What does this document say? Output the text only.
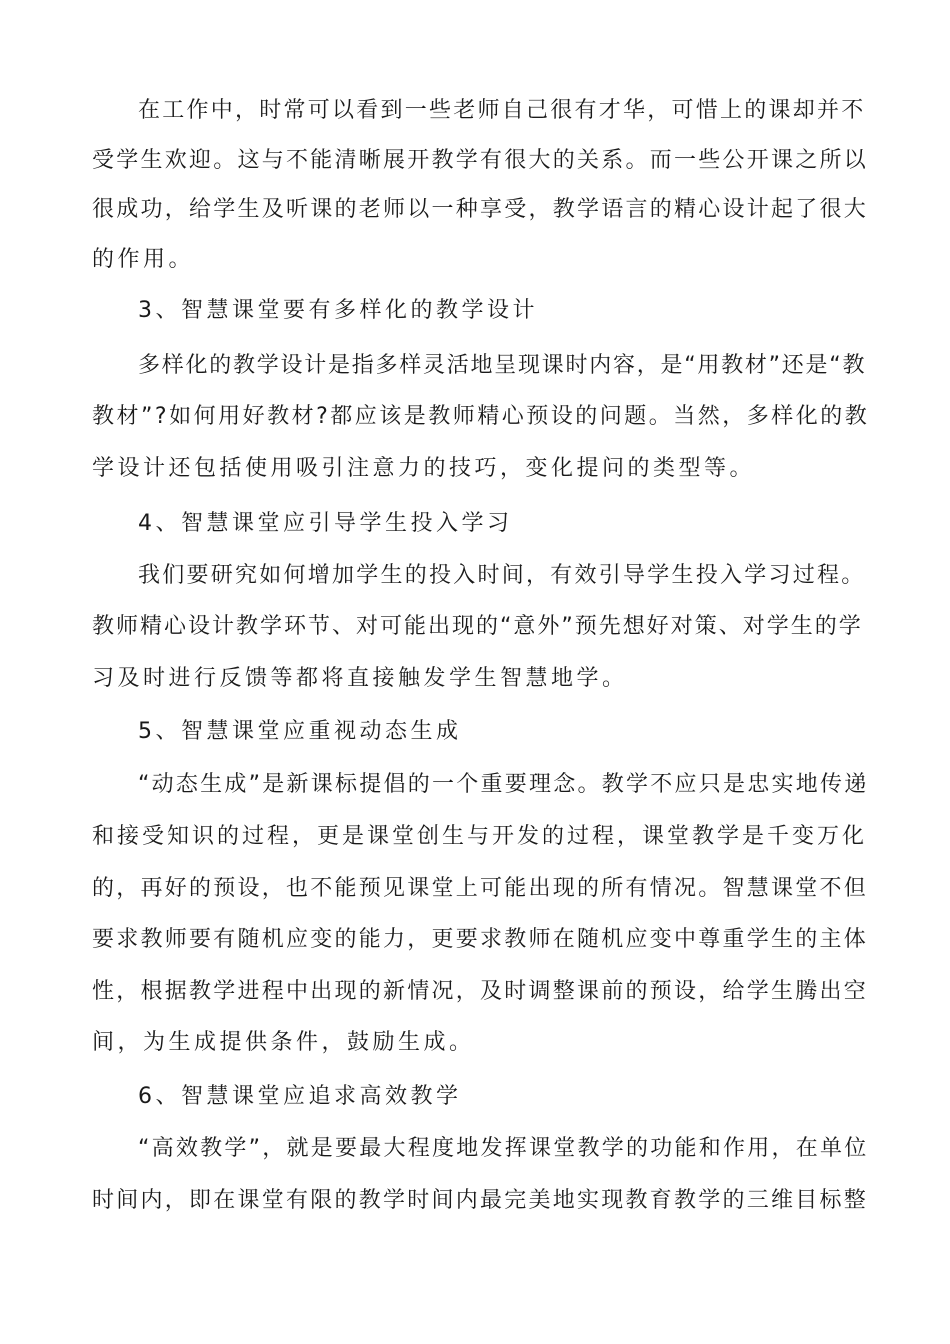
在工作中，时常可以看到一些老师自己很有才华，可惜上的课却并不
受学生欢迎。这与不能清晰展开教学有很大的关系。而一些公开课之所以
很成功，给学生及听课的老师以一种享受，教学语言的精心设计起了很大
的作用。
3、智慧课堂要有多样化的教学设计
多样化的教学设计是指多样灵活地呈现课时内容，是“用教材”还是“教
教材”?如何用好教材?都应该是教师精心预设的问题。当然，多样化的教
学设计还包括使用吸引注意力的技巧，变化提问的类型等。
4、智慧课堂应引导学生投入学习
我们要研究如何增加学生的投入时间，有效引导学生投入学习过程。
教师精心设计教学环节、对可能出现的“意外”预先想好对策、对学生的学
习及时进行反馈等都将直接触发学生智慧地学。
5、智慧课堂应重视动态生成
“动态生成”是新课标提倡的一个重要理念。教学不应只是忠实地传递
和接受知识的过程，更是课堂创生与开发的过程，课堂教学是千变万化
的，再好的预设，也不能预见课堂上可能出现的所有情况。智慧课堂不但
要求教师要有随机应变的能力，更要求教师在随机应变中尊重学生的主体
性，根据教学进程中出现的新情况，及时调整课前的预设，给学生腾出空
间，为生成提供条件，鼓励生成。
6、智慧课堂应追求高效教学
“高效教学”，就是要最大程度地发挥课堂教学的功能和作用，在单位
时间内，即在课堂有限的教学时间内最完美地实现教育教学的三维目标整
